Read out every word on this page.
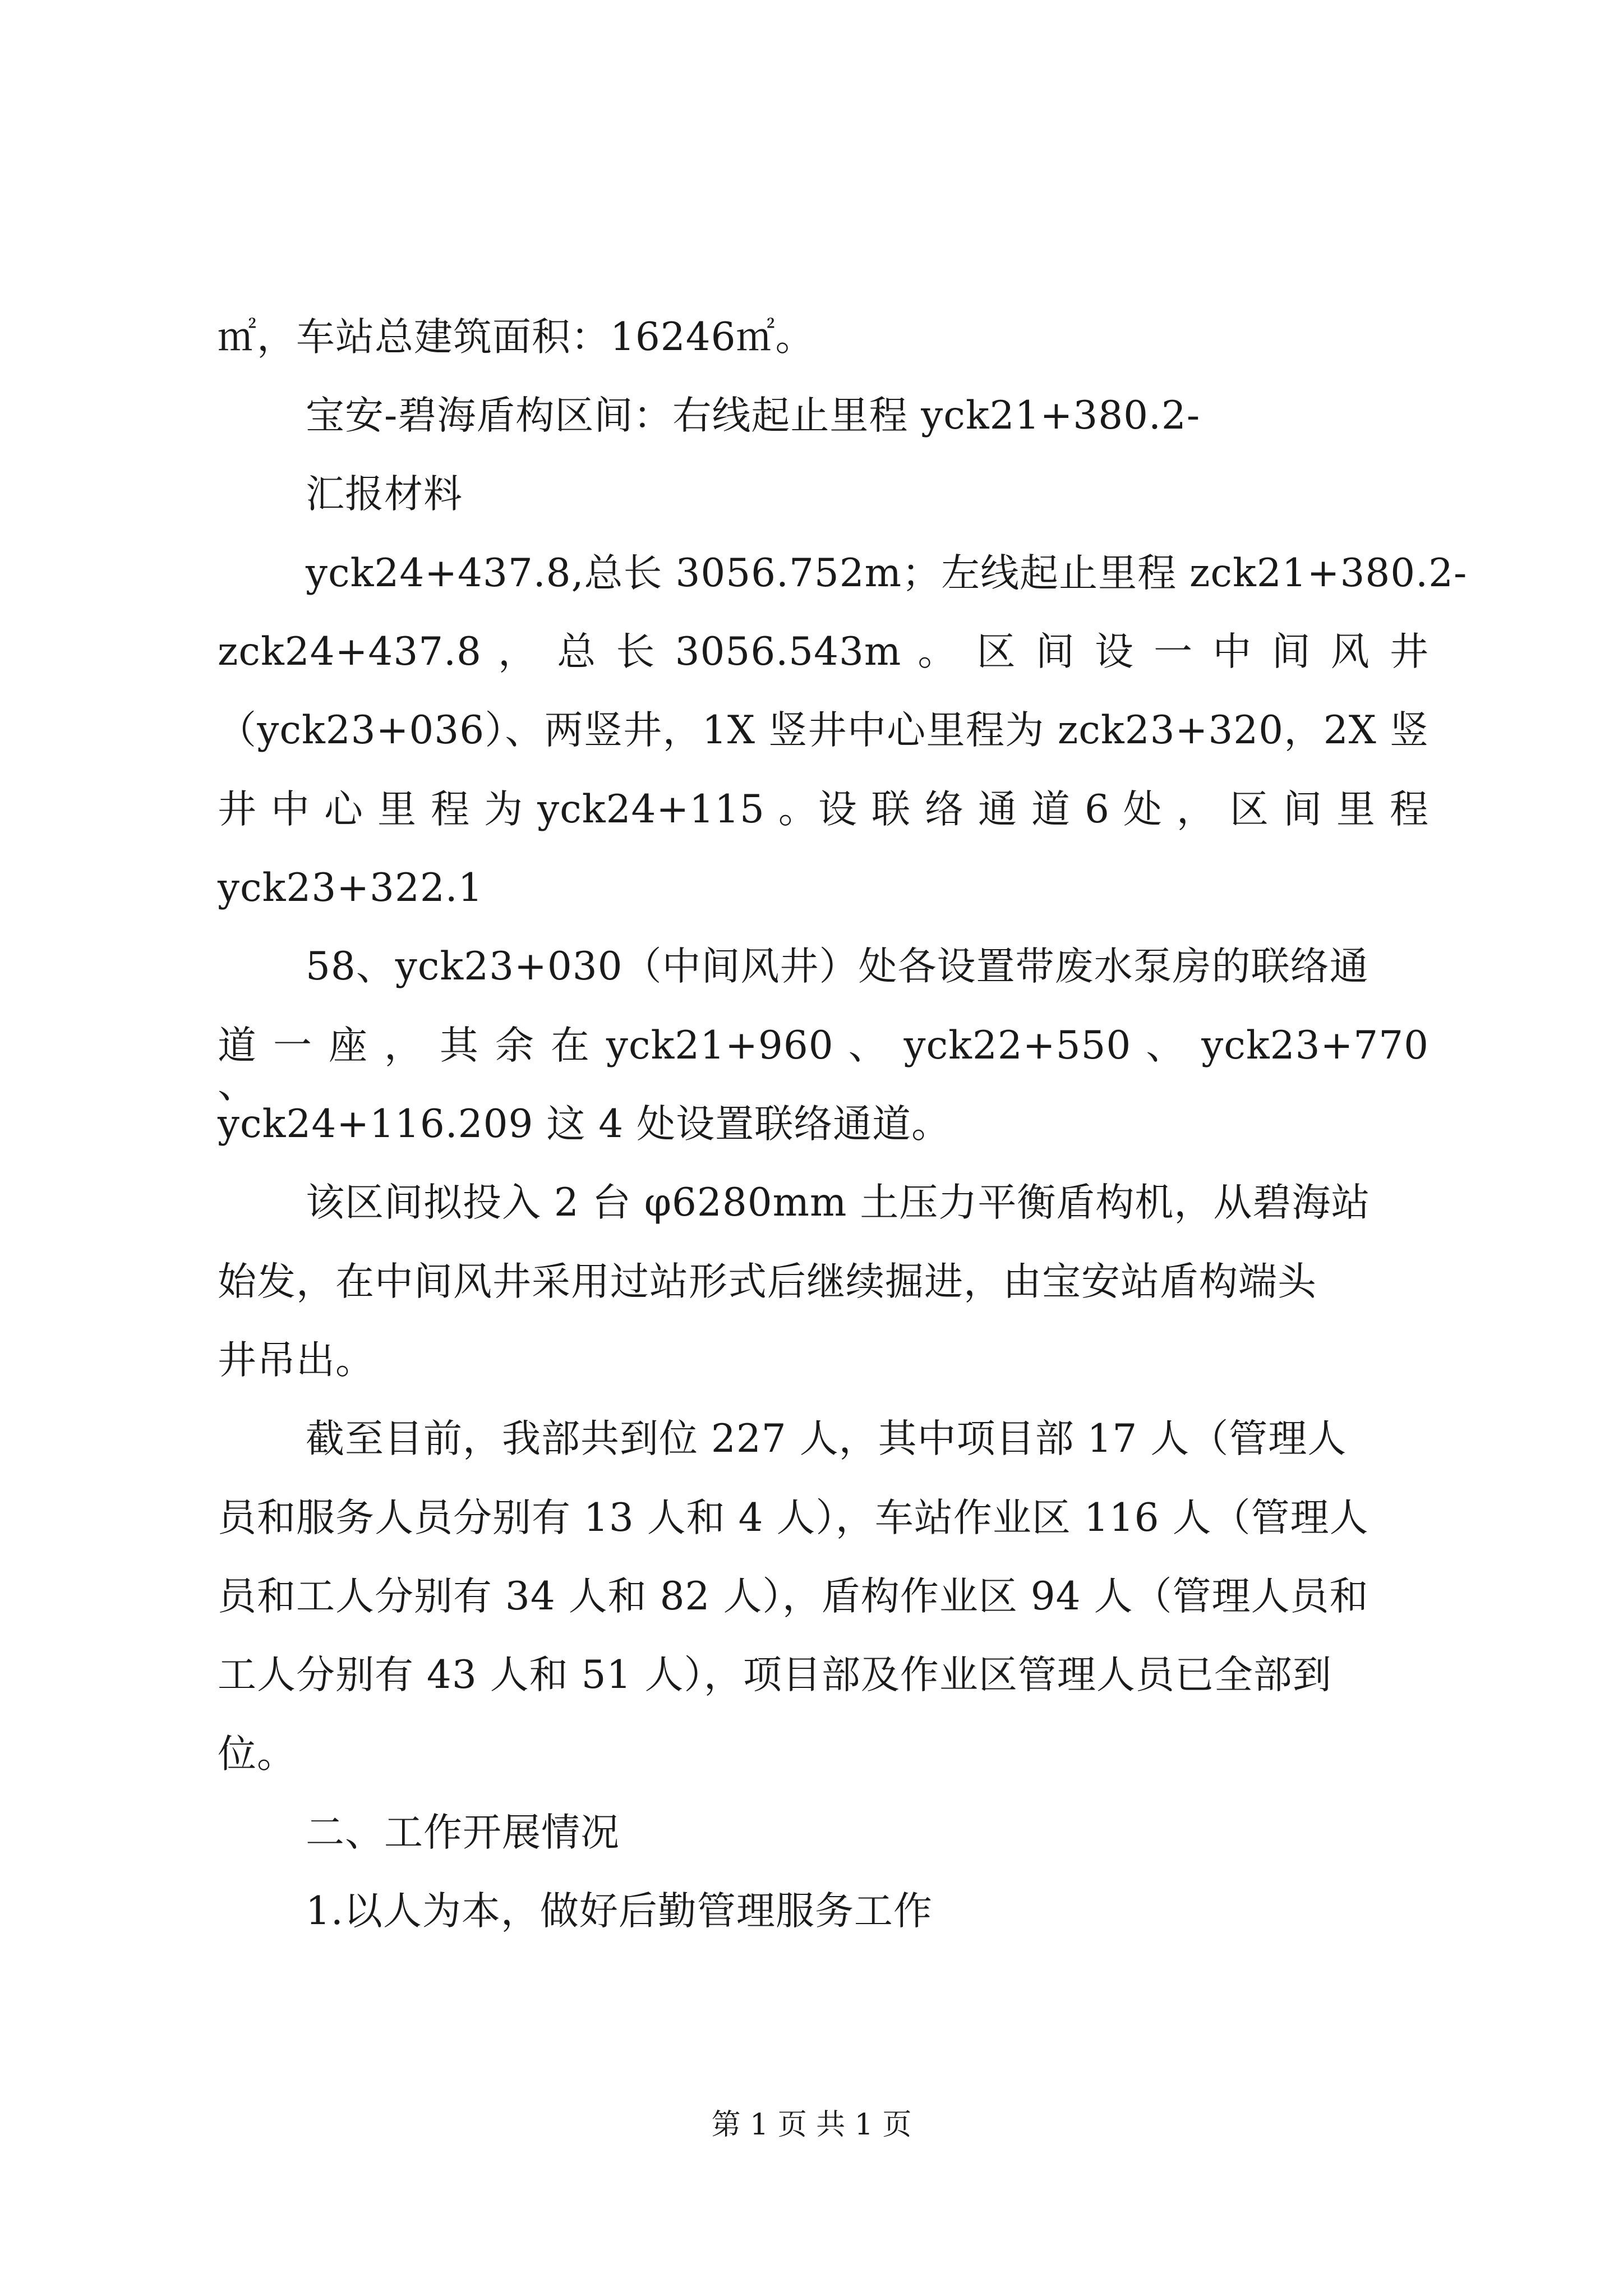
㎡，车站总建筑面积：16246㎡。
宝安-碧海盾构区间：右线起止里程 yck21+380.2-
汇报材料
yck24+437.8,总长 3056.752m；左线起止里程 zck21+380.2-
zck24+437.8 ， 总 长 3056.543m 。 区 间 设 一 中 间 风 井
（yck23+036）、两竖井，1X 竖井中心里程为 zck23+320，2X 竖
井 中 心 里 程 为 yck24+115 。设 联 络 通 道 6 处 ， 区 间 里 程
yck23+322.1
58、yck23+030（中间风井）处各设置带废水泵房的联络通
道 一 座 ， 其 余 在 yck21+960 、 yck22+550 、 yck23+770 、
yck24+116.209 这 4 处设置联络通道。
该区间拟投入 2 台 φ6280mm 土压力平衡盾构机，从碧海站
始发，在中间风井采用过站形式后继续掘进，由宝安站盾构端头
井吊出。
截至目前，我部共到位 227 人，其中项目部 17 人（管理人
员和服务人员分别有 13 人和 4 人），车站作业区 116 人（管理人
员和工人分别有 34 人和 82 人），盾构作业区 94 人（管理人员和
工人分别有 43 人和 51 人），项目部及作业区管理人员已全部到
位。
二、工作开展情况
1.以人为本，做好后勤管理服务工作
第 1 页 共 1 页
